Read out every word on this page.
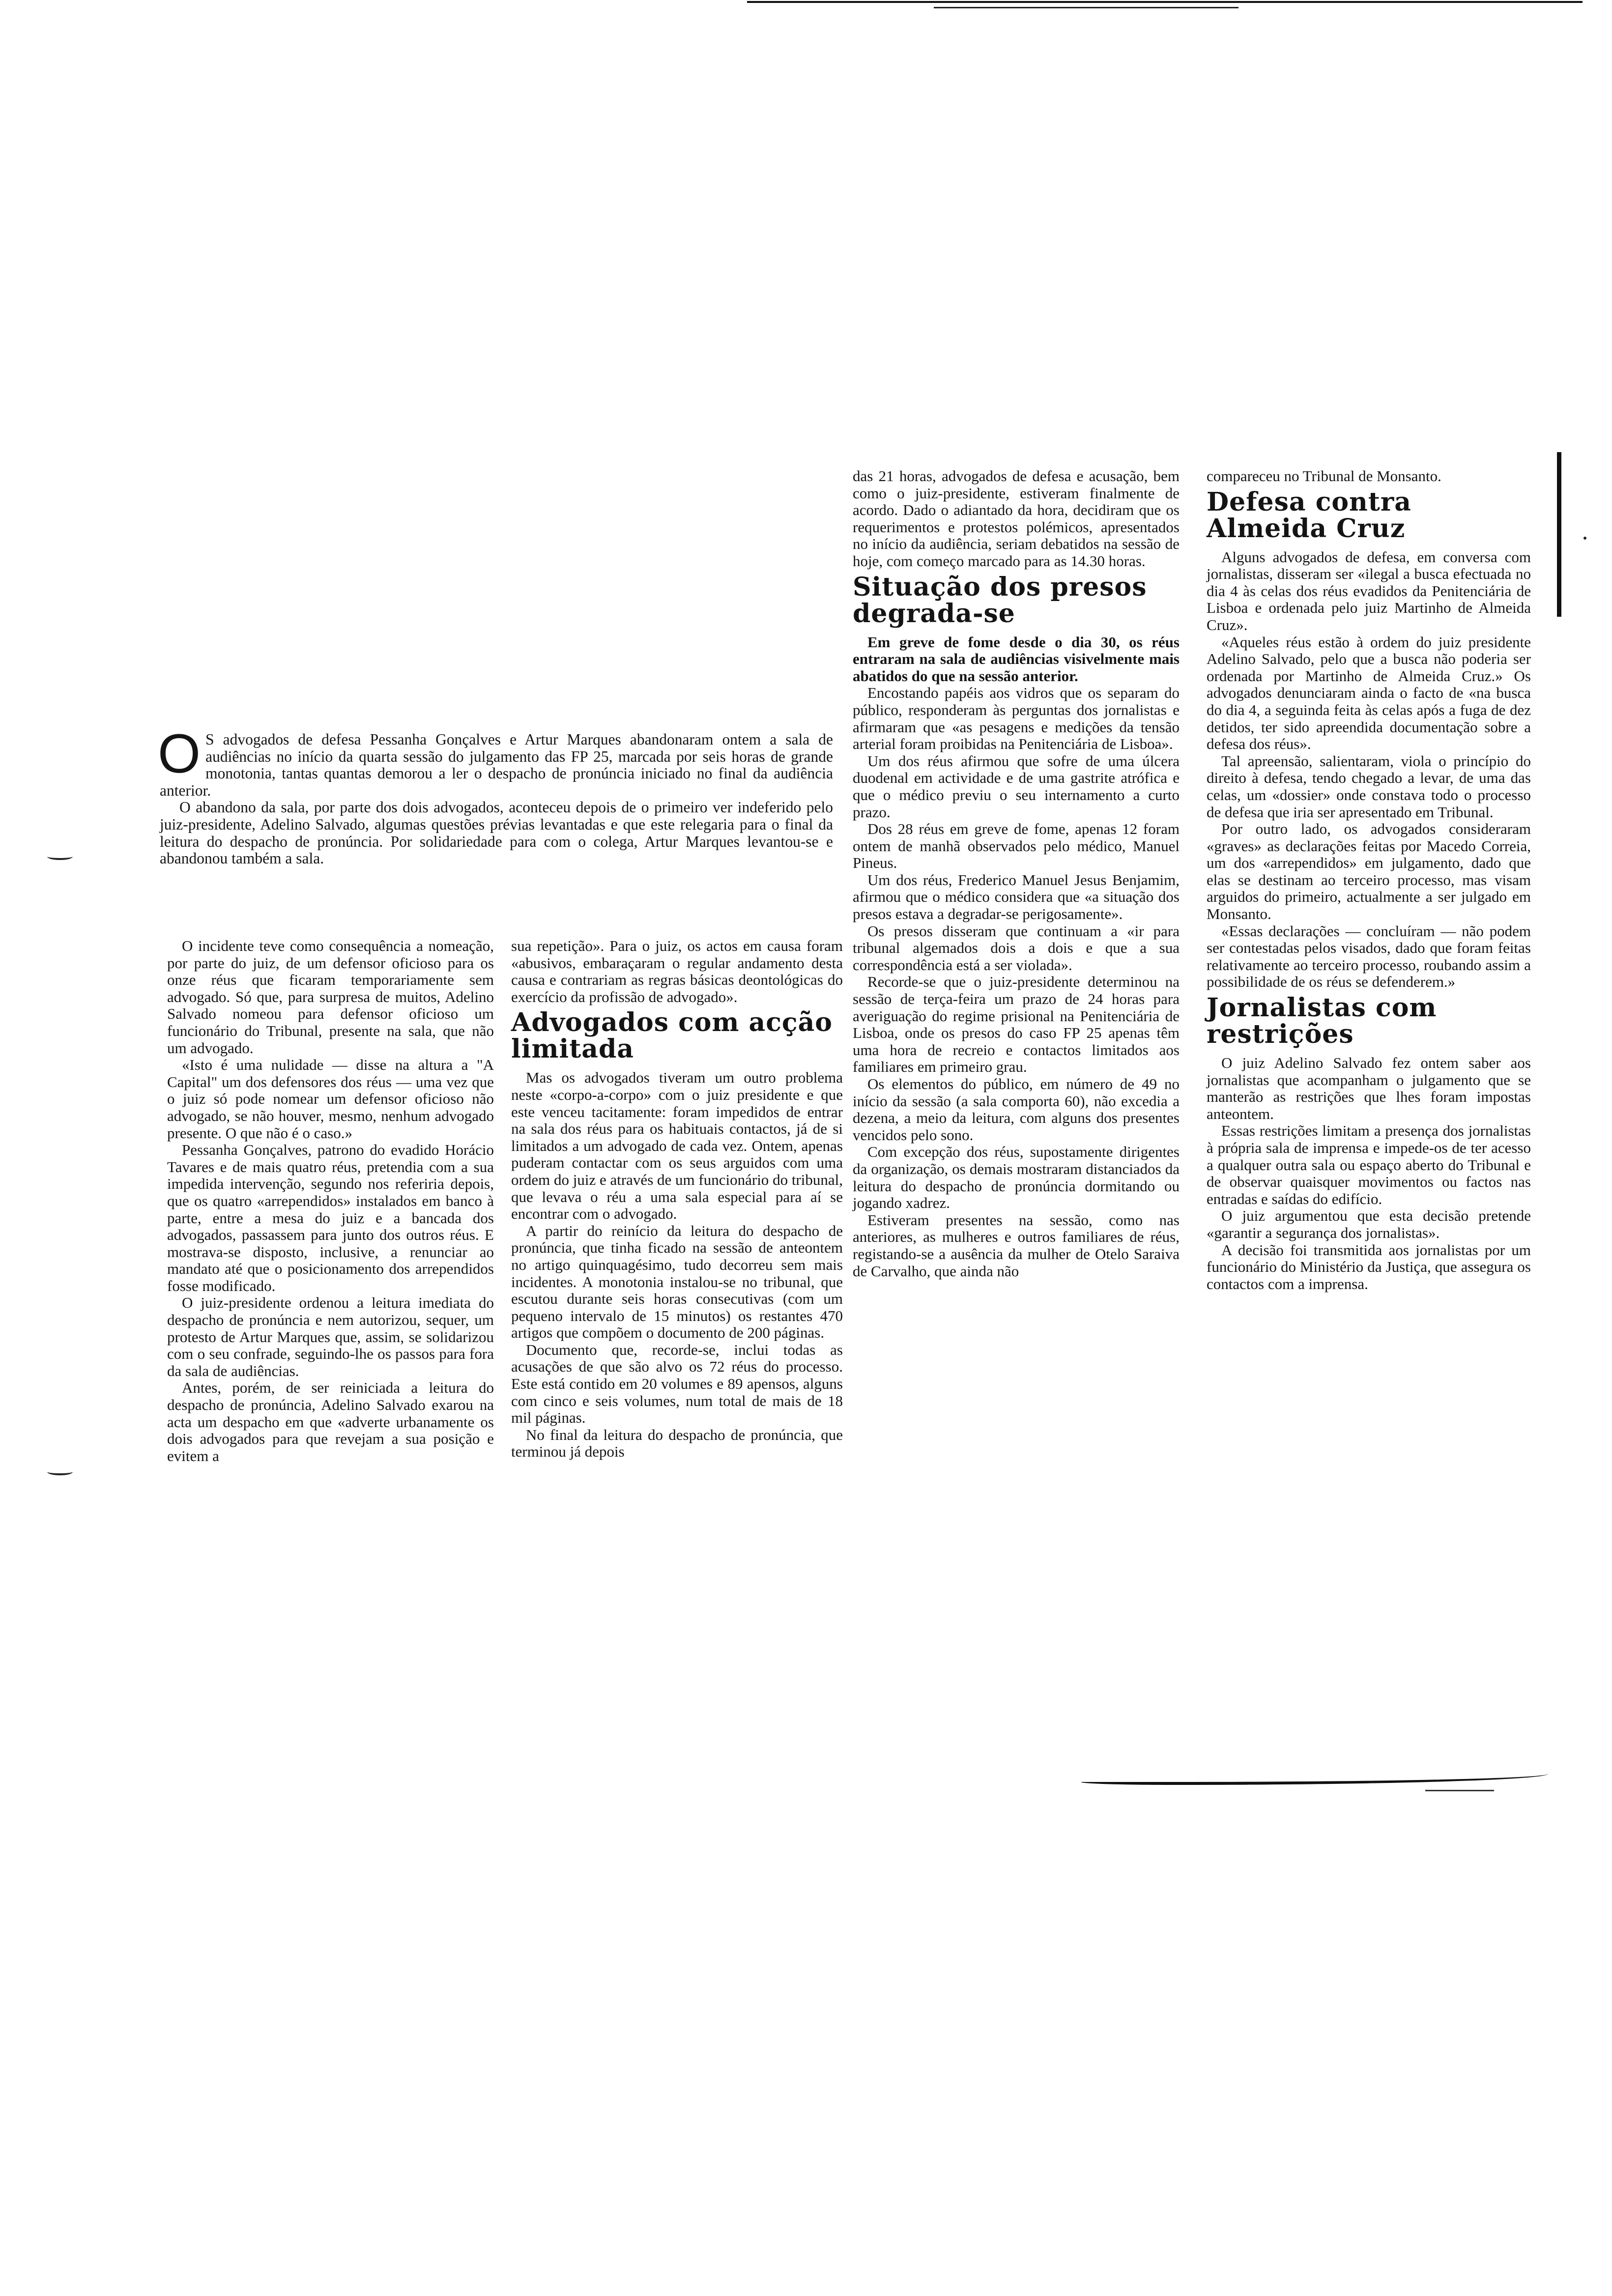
O S advogados de defesa Pessanha Gonçalves e Artur Marques abandonaram ontem a sala de audiências no início da quarta sessão do julgamento das FP 25, marcada por seis horas de grande monotonia, tantas quantas demorou a ler o despacho de pronúncia iniciado no final da audiência anterior.

O abandono da sala, por parte dos dois advogados, aconteceu depois de o primeiro ver indeferido pelo juiz-presidente, Adelino Salvado, algumas questões prévias levantadas e que este relegaria para o final da leitura do despacho de pronúncia. Por solidariedade para com o colega, Artur Marques levantou-se e abandonou também a sala.

O incidente teve como consequência a nomeação, por parte do juiz, de um defensor oficioso para os onze réus que ficaram temporariamente sem advogado. Só que, para surpresa de muitos, Adelino Salvado nomeou para defensor oficioso um funcionário do Tribunal, presente na sala, que não um advogado.

«Isto é uma nulidade — disse na altura a "A Capital" um dos defensores dos réus — uma vez que o juiz só pode nomear um defensor oficioso não advogado, se não houver, mesmo, nenhum advogado presente. O que não é o caso.»

Pessanha Gonçalves, patrono do evadido Horácio Tavares e de mais quatro réus, pretendia com a sua impedida intervenção, segundo nos referiria depois, que os quatro «arrependidos» instalados em banco à parte, entre a mesa do juiz e a bancada dos advogados, passassem para junto dos outros réus. E mostrava-se disposto, inclusive, a renunciar ao mandato até que o posicionamento dos arrependidos fosse modificado.

O juiz-presidente ordenou a leitura imediata do despacho de pronúncia e nem autorizou, sequer, um protesto de Artur Marques que, assim, se solidarizou com o seu confrade, seguindo-lhe os passos para fora da sala de audiências.

Antes, porém, de ser reiniciada a leitura do despacho de pronúncia, Adelino Salvado exarou na acta um despacho em que «adverte urbanamente os dois advogados para que revejam a sua posição e evitem a

sua repetição». Para o juiz, os actos em causa foram «abusivos, embaraçaram o regular andamento desta causa e contrariam as regras básicas deontológicas do exercício da profissão de advogado».

Advogados com acção limitada

Mas os advogados tiveram um outro problema neste «corpo-a-corpo» com o juiz presidente e que este venceu tacitamente: foram impedidos de entrar na sala dos réus para os habituais contactos, já de si limitados a um advogado de cada vez. Ontem, apenas puderam contactar com os seus arguidos com uma ordem do juiz e através de um funcionário do tribunal, que levava o réu a uma sala especial para aí se encontrar com o advogado.

A partir do reinício da leitura do despacho de pronúncia, que tinha ficado na sessão de anteontem no artigo quinquagésimo, tudo decorreu sem mais incidentes. A monotonia instalou-se no tribunal, que escutou durante seis horas consecutivas (com um pequeno intervalo de 15 minutos) os restantes 470 artigos que compõem o documento de 200 páginas.

Documento que, recorde-se, inclui todas as acusações de que são alvo os 72 réus do processo. Este está contido em 20 volumes e 89 apensos, alguns com cinco e seis volumes, num total de mais de 18 mil páginas.

No final da leitura do despacho de pronúncia, que terminou já depois

das 21 horas, advogados de defesa e acusação, bem como o juiz-presidente, estiveram finalmente de acordo. Dado o adiantado da hora, decidiram que os requerimentos e protestos polémicos, apresentados no início da audiência, seriam debatidos na sessão de hoje, com começo marcado para as 14.30 horas.

Situação dos presos degrada-se

Em greve de fome desde o dia 30, os réus entraram na sala de audiências visivelmente mais abatidos do que na sessão anterior.

Encostando papéis aos vidros que os separam do público, responderam às perguntas dos jornalistas e afirmaram que «as pesagens e medições da tensão arterial foram proibidas na Penitenciária de Lisboa».

Um dos réus afirmou que sofre de uma úlcera duodenal em actividade e de uma gastrite atrófica e que o médico previu o seu internamento a curto prazo.

Dos 28 réus em greve de fome, apenas 12 foram ontem de manhã observados pelo médico, Manuel Pineus.

Um dos réus, Frederico Manuel Jesus Benjamim, afirmou que o médico considera que «a situação dos presos estava a degradar-se perigosamente».

Os presos disseram que continuam a «ir para tribunal algemados dois a dois e que a sua correspondência está a ser violada».

Recorde-se que o juiz-presidente determinou na sessão de terça-feira um prazo de 24 horas para averiguação do regime prisional na Penitenciária de Lisboa, onde os presos do caso FP 25 apenas têm uma hora de recreio e contactos limitados aos familiares em primeiro grau.

Os elementos do público, em número de 49 no início da sessão (a sala comporta 60), não excedia a dezena, a meio da leitura, com alguns dos presentes vencidos pelo sono.

Com excepção dos réus, supostamente dirigentes da organização, os demais mostraram distanciados da leitura do despacho de pronúncia dormitando ou jogando xadrez.

Estiveram presentes na sessão, como nas anteriores, as mulheres e outros familiares de réus, registando-se a ausência da mulher de Otelo Saraiva de Carvalho, que ainda não

compareceu no Tribunal de Monsanto.

Defesa contra Almeida Cruz

Alguns advogados de defesa, em conversa com jornalistas, disseram ser «ilegal a busca efectuada no dia 4 às celas dos réus evadidos da Penitenciária de Lisboa e ordenada pelo juiz Martinho de Almeida Cruz».

«Aqueles réus estão à ordem do juiz presidente Adelino Salvado, pelo que a busca não poderia ser ordenada por Martinho de Almeida Cruz.» Os advogados denunciaram ainda o facto de «na busca do dia 4, a seguinda feita às celas após a fuga de dez detidos, ter sido apreendida documentação sobre a defesa dos réus».

Tal apreensão, salientaram, viola o princípio do direito à defesa, tendo chegado a levar, de uma das celas, um «dossier» onde constava todo o processo de defesa que iria ser apresentado em Tribunal.

Por outro lado, os advogados consideraram «graves» as declarações feitas por Macedo Correia, um dos «arrependidos» em julgamento, dado que elas se destinam ao terceiro processo, mas visam arguidos do primeiro, actualmente a ser julgado em Monsanto.

«Essas declarações — concluíram — não podem ser contestadas pelos visados, dado que foram feitas relativamente ao terceiro processo, roubando assim a possibilidade de os réus se defenderem.»

Jornalistas com restrições

O juiz Adelino Salvado fez ontem saber aos jornalistas que acompanham o julgamento que se manterão as restrições que lhes foram impostas anteontem.

Essas restrições limitam a presença dos jornalistas à própria sala de imprensa e impede-os de ter acesso a qualquer outra sala ou espaço aberto do Tribunal e de observar quaisquer movimentos ou factos nas entradas e saídas do edifício.

O juiz argumentou que esta decisão pretende «garantir a segurança dos jornalistas».

A decisão foi transmitida aos jornalistas por um funcionário do Ministério da Justiça, que assegura os contactos com a imprensa.
